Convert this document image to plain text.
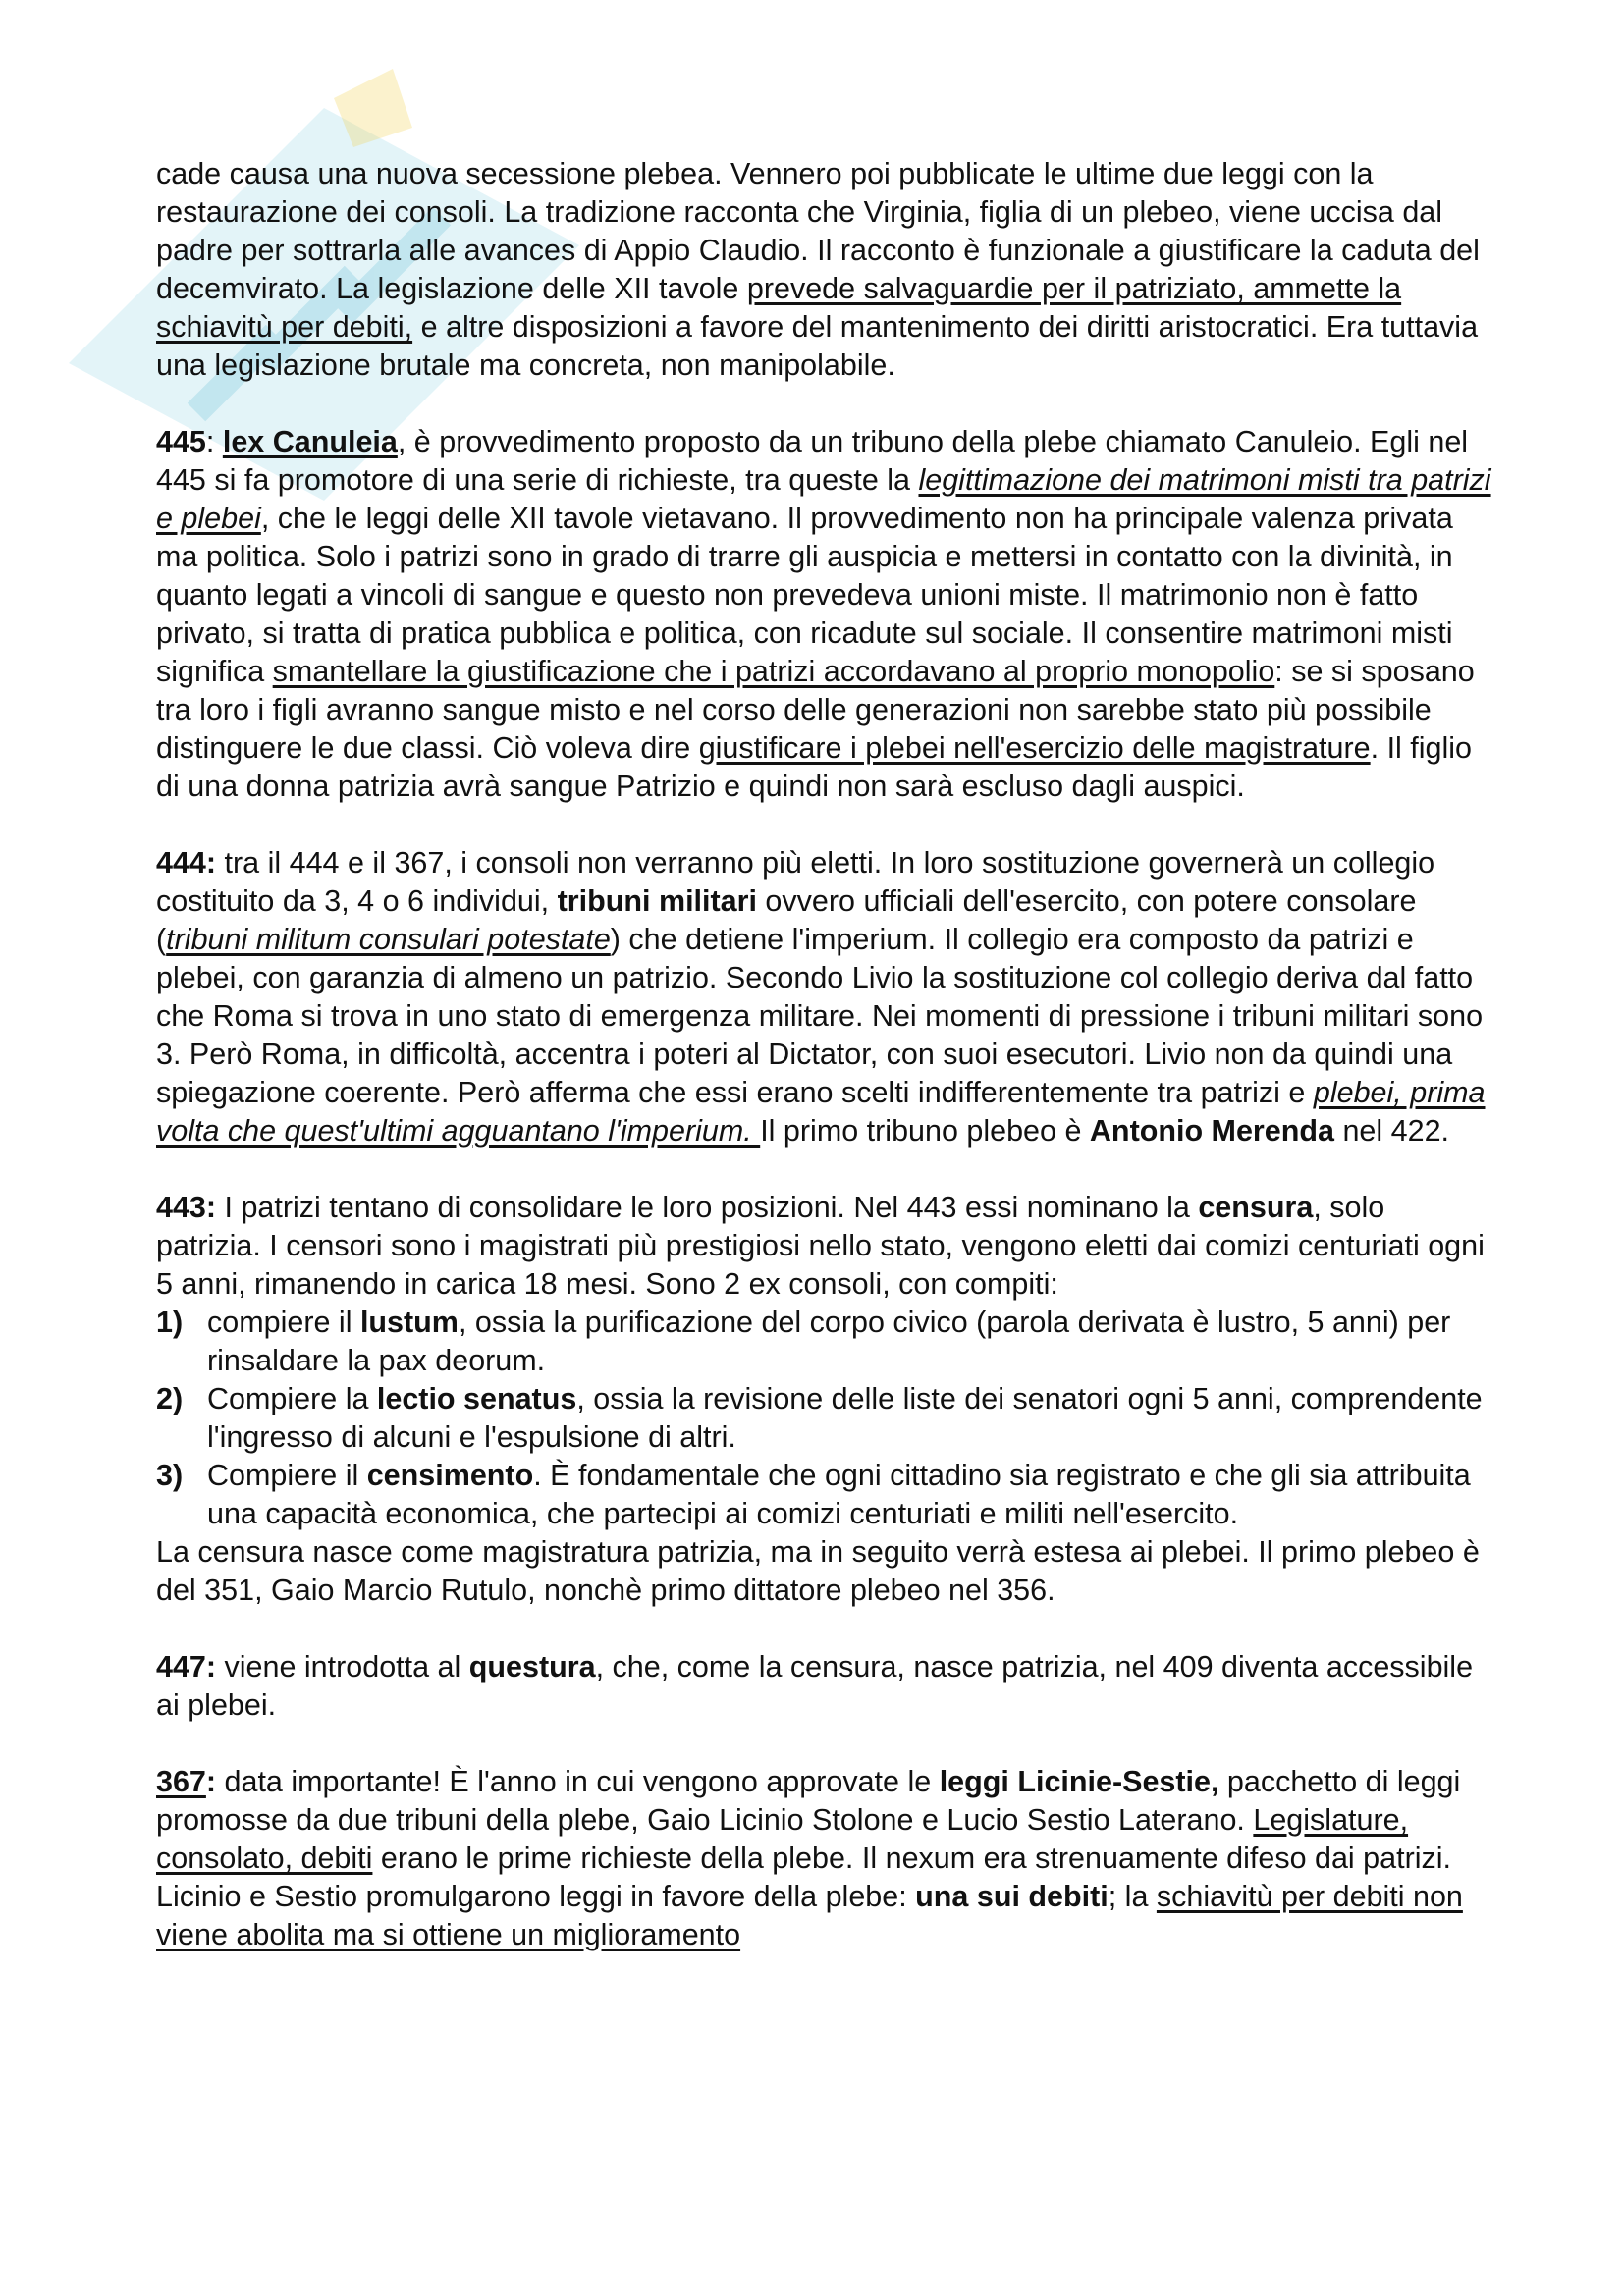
cade causa una nuova secessione plebea. Vennero poi pubblicate le ultime due leggi con la restaurazione dei consoli. La tradizione racconta che Virginia, figlia di un plebeo, viene uccisa dal padre per sottrarla alle avances di Appio Claudio. Il racconto è funzionale a giustificare la caduta del decemvirato. La legislazione delle XII tavole prevede salvaguardie per il patriziato, ammette la schiavitù per debiti, e altre disposizioni a favore del mantenimento dei diritti aristocratici. Era tuttavia una legislazione brutale ma concreta, non manipolabile.

445: lex Canuleia, è provvedimento proposto da un tribuno della plebe chiamato Canuleio. Egli nel 445 si fa promotore di una serie di richieste, tra queste la legittimazione dei matrimoni misti tra patrizi e plebei, che le leggi delle XII tavole vietavano. Il provvedimento non ha principale valenza privata ma politica. Solo i patrizi sono in grado di trarre gli auspicia e mettersi in contatto con la divinità, in quanto legati a vincoli di sangue e questo non prevedeva unioni miste. Il matrimonio non è fatto privato, si tratta di pratica pubblica e politica, con ricadute sul sociale. Il consentire matrimoni misti significa smantellare la giustificazione che i patrizi accordavano al proprio monopolio: se si sposano tra loro i figli avranno sangue misto e nel corso delle generazioni non sarebbe stato più possibile distinguere le due classi. Ciò voleva dire giustificare i plebei nell'esercizio delle magistrature. Il figlio di una donna patrizia avrà sangue Patrizio e quindi non sarà escluso dagli auspici.

444: tra il 444 e il 367, i consoli non verranno più eletti. In loro sostituzione governerà un collegio costituito da 3, 4 o 6 individui, tribuni militari ovvero ufficiali dell'esercito, con potere consolare (tribuni militum consulari potestate) che detiene l'imperium. Il collegio era composto da patrizi e plebei, con garanzia di almeno un patrizio. Secondo Livio la sostituzione col collegio deriva dal fatto che Roma si trova in uno stato di emergenza militare. Nei momenti di pressione i tribuni militari sono 3. Però Roma, in difficoltà, accentra i poteri al Dictator, con suoi esecutori. Livio non da quindi una spiegazione coerente. Però afferma che essi erano scelti indifferentemente tra patrizi e plebei, prima volta che quest'ultimi agguantano l'imperium. Il primo tribuno plebeo è Antonio Merenda nel 422.

443: I patrizi tentano di consolidare le loro posizioni. Nel 443 essi nominano la censura, solo patrizia. I censori sono i magistrati più prestigiosi nello stato, vengono eletti dai comizi centuriati ogni 5 anni, rimanendo in carica 18 mesi. Sono 2 ex consoli, con compiti:

1) compiere il lustum, ossia la purificazione del corpo civico (parola derivata è lustro, 5 anni) per rinsaldare la pax deorum.
2) Compiere la lectio senatus, ossia la revisione delle liste dei senatori ogni 5 anni, comprendente l'ingresso di alcuni e l'espulsione di altri.
3) Compiere il censimento. È fondamentale che ogni cittadino sia registrato e che gli sia attribuita una capacità economica, che partecipi ai comizi centuriati e militi nell'esercito.

La censura nasce come magistratura patrizia, ma in seguito verrà estesa ai plebei. Il primo plebeo è del 351, Gaio Marcio Rutulo, nonchè primo dittatore plebeo nel 356.

447: viene introdotta al questura, che, come la censura, nasce patrizia, nel 409 diventa accessibile ai plebei.

367: data importante! È l'anno in cui vengono approvate le leggi Licinie-Sestie, pacchetto di leggi promosse da due tribuni della plebe, Gaio Licinio Stolone e Lucio Sestio Laterano. Legislature, consolato, debiti erano le prime richieste della plebe. Il nexum era strenuamente difeso dai patrizi. Licinio e Sestio promulgarono leggi in favore della plebe: una sui debiti; la schiavitù per debiti non viene abolita ma si ottiene un miglioramento
